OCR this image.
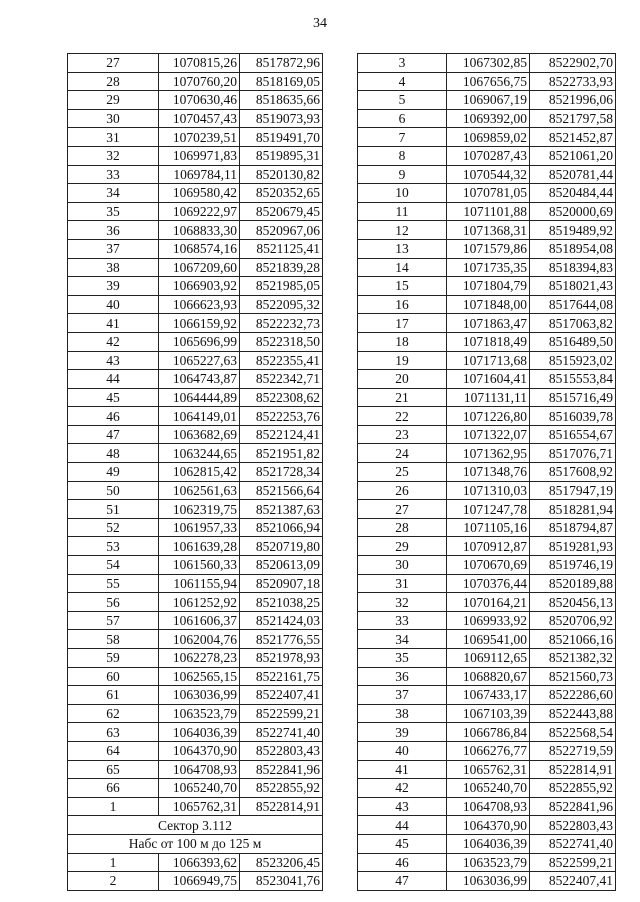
34
27	1070815,26	8517872,96
28	1070760,20	8518169,05
29	1070630,46	8518635,66
30	1070457,43	8519073,93
31	1070239,51	8519491,70
32	1069971,83	8519895,31
33	1069784,11	8520130,82
34	1069580,42	8520352,65
35	1069222,97	8520679,45
36	1068833,30	8520967,06
37	1068574,16	8521125,41
38	1067209,60	8521839,28
39	1066903,92	8521985,05
40	1066623,93	8522095,32
41	1066159,92	8522232,73
42	1065696,99	8522318,50
43	1065227,63	8522355,41
44	1064743,87	8522342,71
45	1064444,89	8522308,62
46	1064149,01	8522253,76
47	1063682,69	8522124,41
48	1063244,65	8521951,82
49	1062815,42	8521728,34
50	1062561,63	8521566,64
51	1062319,75	8521387,63
52	1061957,33	8521066,94
53	1061639,28	8520719,80
54	1061560,33	8520613,09
55	1061155,94	8520907,18
56	1061252,92	8521038,25
57	1061606,37	8521424,03
58	1062004,76	8521776,55
59	1062278,23	8521978,93
60	1062565,15	8522161,75
61	1063036,99	8522407,41
62	1063523,79	8522599,21
63	1064036,39	8522741,40
64	1064370,90	8522803,43
65	1064708,93	8522841,96
66	1065240,70	8522855,92
1	1065762,31	8522814,91
Сектор 3.112		
Набс от 100 м до 125 м		
1	1066393,62	8523206,45
2	1066949,75	8523041,76
3	1067302,85	8522902,70
4	1067656,75	8522733,93
5	1069067,19	8521996,06
6	1069392,00	8521797,58
7	1069859,02	8521452,87
8	1070287,43	8521061,20
9	1070544,32	8520781,44
10	1070781,05	8520484,44
11	1071101,88	8520000,69
12	1071368,31	8519489,92
13	1071579,86	8518954,08
14	1071735,35	8518394,83
15	1071804,79	8518021,43
16	1071848,00	8517644,08
17	1071863,47	8517063,82
18	1071818,49	8516489,50
19	1071713,68	8515923,02
20	1071604,41	8515553,84
21	1071131,11	8515716,49
22	1071226,80	8516039,78
23	1071322,07	8516554,67
24	1071362,95	8517076,71
25	1071348,76	8517608,92
26	1071310,03	8517947,19
27	1071247,78	8518281,94
28	1071105,16	8518794,87
29	1070912,87	8519281,93
30	1070670,69	8519746,19
31	1070376,44	8520189,88
32	1070164,21	8520456,13
33	1069933,92	8520706,92
34	1069541,00	8521066,16
35	1069112,65	8521382,32
36	1068820,67	8521560,73
37	1067433,17	8522286,60
38	1067103,39	8522443,88
39	1066786,84	8522568,54
40	1066276,77	8522719,59
41	1065762,31	8522814,91
42	1065240,70	8522855,92
43	1064708,93	8522841,96
44	1064370,90	8522803,43
45	1064036,39	8522741,40
46	1063523,79	8522599,21
47	1063036,99	8522407,41
